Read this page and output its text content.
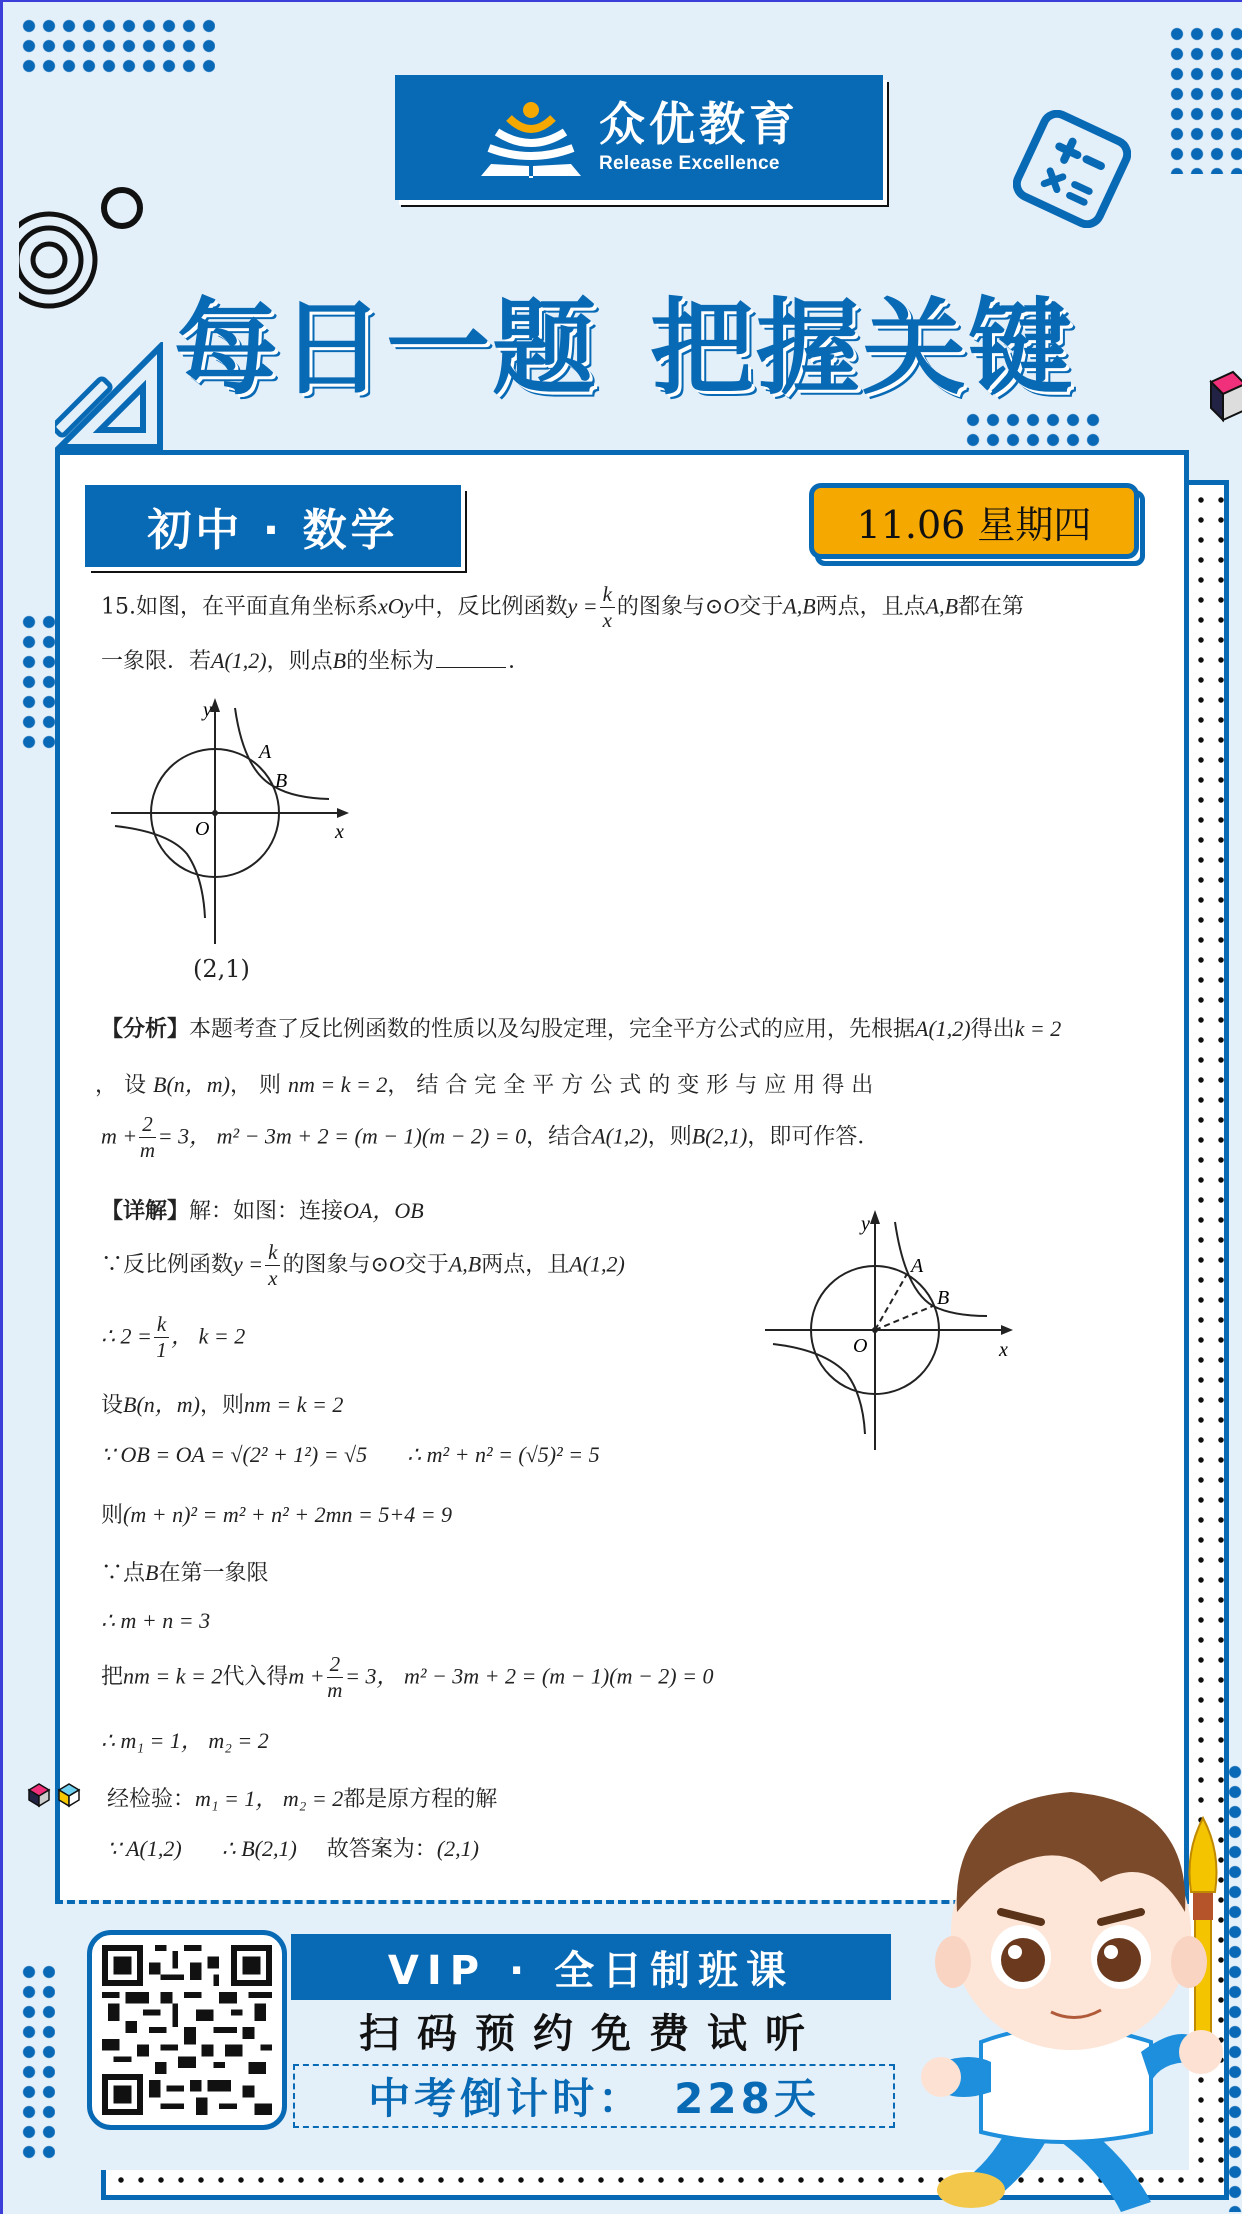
众优教育
Release Excellence
每日一题 把握关键
初中 · 数学	11.06 星期四
15.如图，在平面直角坐标系xOy中，反比例函数$y = \frac{k}{x}$ 的图象与⊙O交于A,B两点，且点A,B都在第
一象限．若A(1,2)，则点B的坐标为	．
y
x
O
A
B
(2,1)
【分析】本题考查了反比例函数的性质以及勾股定理，完全平方公式的应用，先根据A(1,2)得出k = 2
， 设 B(n，m)， 则 nm = k = 2， 结 合 完 全 平 方 公 式 的 变 形 与 应 用 得 出
$m + \frac{2}{m} = 3$， m² − 3m + 2 = (m − 1)(m − 2) = 0，结合A(1,2)，则B(2,1)，即可作答．
【详解】解：如图：连接OA，OB
∵反比例函数$y = \frac{k}{x}$ 的图象与⊙O交于A,B两点，且A(1,2)
∴ $2 = \frac{k}{1}$ ， k = 2
设B(n，m)，则nm = k = 2
∵ OB = OA = √(2² + 1²) = √5 ∴ m² + n² = (√5)² = 5
则(m + n)² = m² + n² + 2mn = 5+4 = 9
∵点B在第一象限
∴ m + n = 3
把nm = k = 2代入得$m + \frac{2}{m} = 3$， m² − 3m + 2 = (m − 1)(m − 2) = 0
∴ m₁ = 1， m₂ = 2
经检验：m₁ = 1， m₂ = 2都是原方程的解
∵ A(1,2) ∴ B(2,1) 故答案为：(2,1)
y
x
O
A
B
VIP · 全日制班课
扫码预约免费试听
中考倒计时： 228天
